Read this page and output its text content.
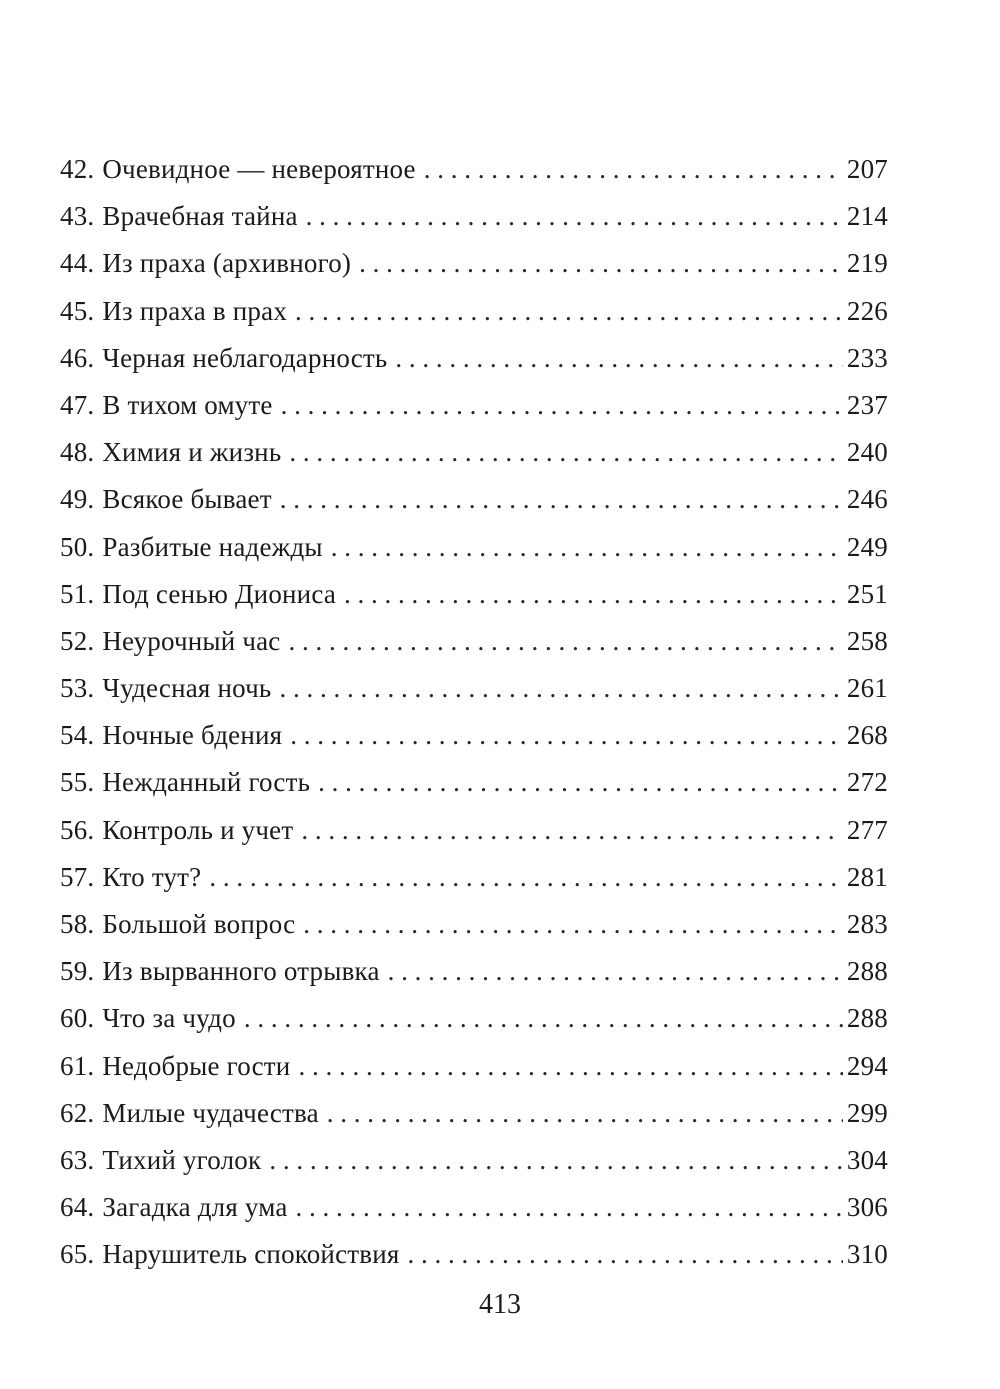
42. Очевидное — невероятное . . .	207
43. Врачебная тайна . . .	214
44. Из праха (архивного) . . .	219
45. Из праха в прах . . .	226
46. Черная неблагодарность . . .	233
47. В тихом омуте . . .	237
48. Химия и жизнь . . .	240
49. Всякое бывает . . .	246
50. Разбитые надежды . . .	249
51. Под сенью Диониса . . .	251
52. Неурочный час . . .	258
53. Чудесная ночь . . .	261
54. Ночные бдения . . .	268
55. Нежданный гость . . .	272
56. Контроль и учет . . .	277
57. Кто тут? . . .	281
58. Большой вопрос . . .	283
59. Из вырванного отрывка . . .	288
60. Что за чудо . . .	288
61. Недобрые гости . . .	294
62. Милые чудачества . . .	299
63. Тихий уголок . . .	304
64. Загадка для ума . . .	306
65. Нарушитель спокойствия . . .	310
413
